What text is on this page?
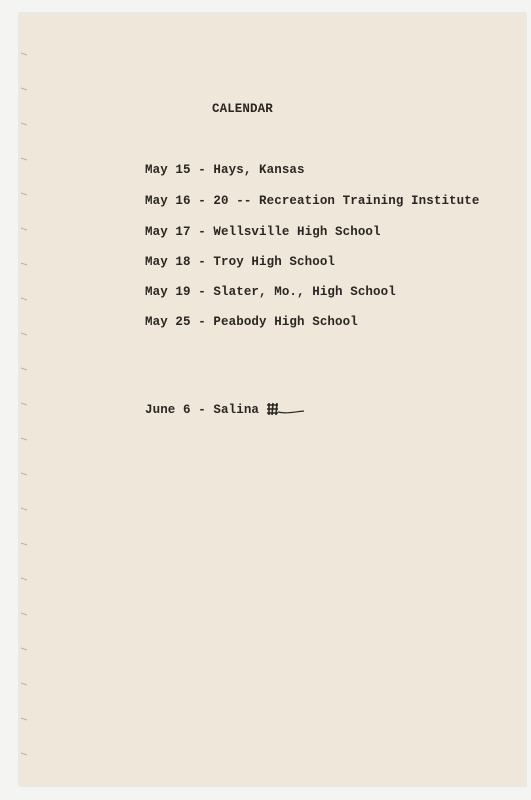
CALENDAR
May 15 - Hays, Kansas
May 16 - 20 -- Recreation Training Institute
May 17 - Wellsville High School
May 18 - Troy High School
May 19 - Slater, Mo., High School
May 25 - Peabody High School
June 6 - Salina
